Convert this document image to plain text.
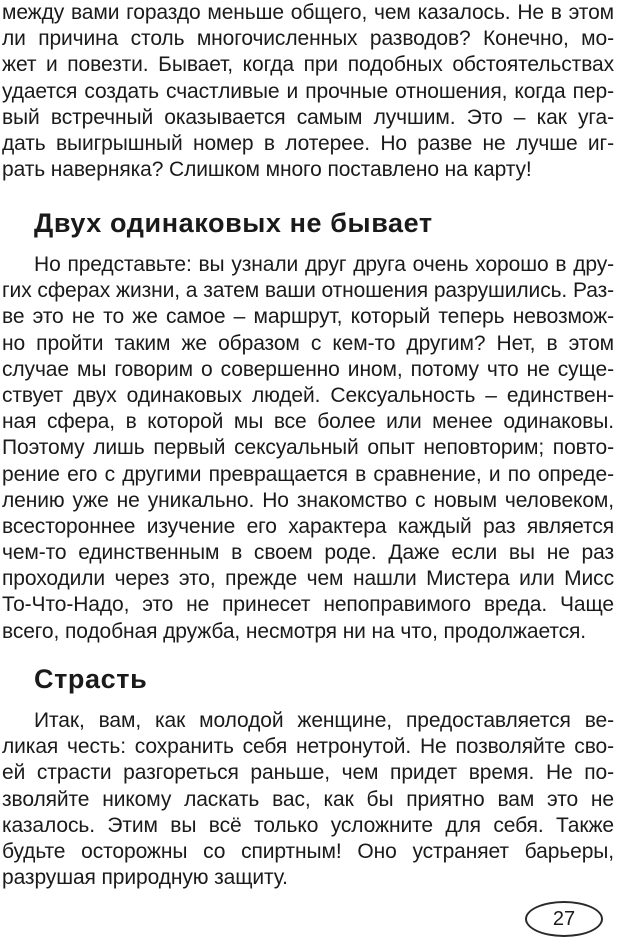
между вами гораздо меньше общего, чем казалось. Не в этом
ли причина столь многочисленных разводов? Конечно, мо-
жет и повезти. Бывает, когда при подобных обстоятельствах
удается создать счастливые и прочные отношения, когда пер-
вый встречный оказывается самым лучшим. Это – как уга-
дать выигрышный номер в лотерее. Но разве не лучше иг-
рать наверняка? Слишком много поставлено на карту!
Двух одинаковых не бывает
Но представьте: вы узнали друг друга очень хорошо в дру-
гих сферах жизни, а затем ваши отношения разрушились. Раз-
ве это не то же самое – маршрут, который теперь невозмож-
но пройти таким же образом с кем-то другим? Нет, в этом
случае мы говорим о совершенно ином, потому что не суще-
ствует двух одинаковых людей. Сексуальность – единствен-
ная сфера, в которой мы все более или менее одинаковы.
Поэтому лишь первый сексуальный опыт неповторим; повто-
рение его с другими превращается в сравнение, и по опреде-
лению уже не уникально. Но знакомство с новым человеком,
всестороннее изучение его характера каждый раз является
чем-то единственным в своем роде. Даже если вы не раз
проходили через это, прежде чем нашли Мистера или Мисс
То-Что-Надо, это не принесет непоправимого вреда. Чаще
всего, подобная дружба, несмотря ни на что, продолжается.
Страсть
Итак, вам, как молодой женщине, предоставляется ве-
ликая честь: сохранить себя нетронутой. Не позволяйте сво-
ей страсти разгореться раньше, чем придет время. Не по-
зволяйте никому ласкать вас, как бы приятно вам это не
казалось. Этим вы всё только усложните для себя. Также
будьте осторожны со спиртным! Оно устраняет барьеры,
разрушая природную защиту.
27
